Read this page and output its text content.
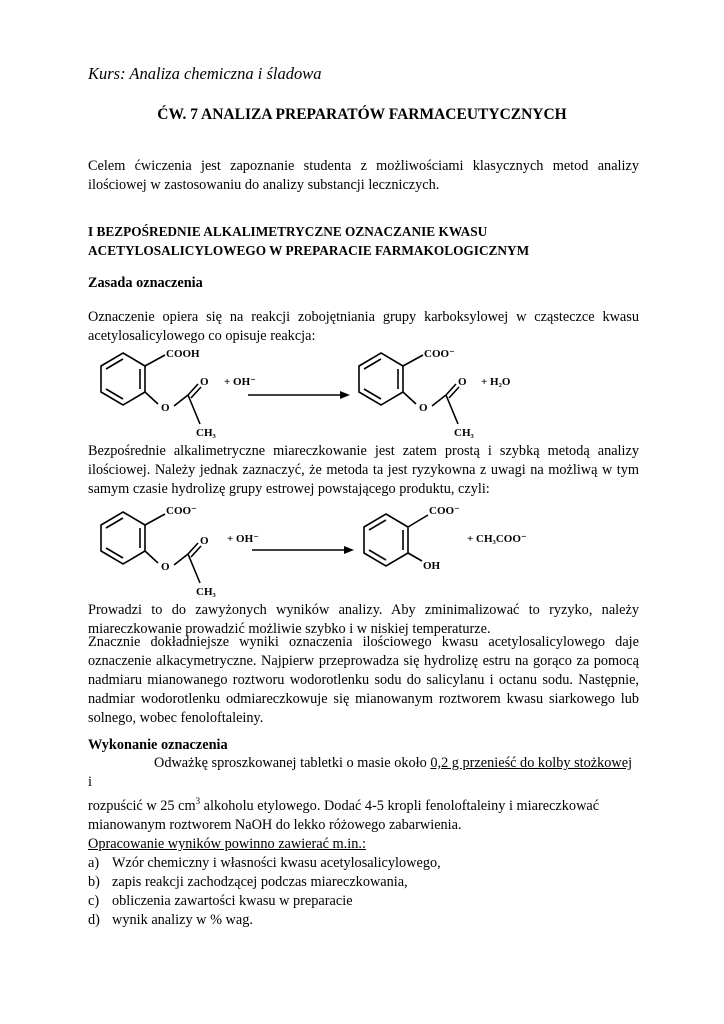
Kurs: Analiza chemiczna i śladowa
ĆW. 7 ANALIZA PREPARATÓW FARMACEUTYCZNYCH
Celem ćwiczenia jest zapoznanie studenta z możliwościami klasycznych metod analizy ilościowej w zastosowaniu do analizy substancji leczniczych.
I BEZPOŚREDNIE ALKALIMETRYCZNE OZNACZANIE KWASU
ACETYLOSALICYLOWEGO W PREPARACIE FARMAKOLOGICZNYM
Zasada oznaczenia
Oznaczenie opiera się na reakcji zobojętniania grupy karboksylowej w cząsteczce kwasu acetylosalicylowego co opisuje reakcja:
COOH
O
O
CH₃
+ OH⁻
COO⁻
O
O
CH₃
+ H₂O
Bezpośrednie alkalimetryczne miareczkowanie jest zatem prostą i szybką metodą analizy ilościowej. Należy jednak zaznaczyć, że metoda ta jest ryzykowna z uwagi na możliwą w tym samym czasie hydrolizę grupy estrowej powstającego produktu, czyli:
COO⁻
O
O
CH₃
+ OH⁻
COO⁻
OH
+ CH₃COO⁻
Prowadzi to do zawyżonych wyników analizy. Aby zminimalizować to ryzyko, należy miareczkowanie prowadzić możliwie szybko i w niskiej temperaturze.
Znacznie dokładniejsze wyniki oznaczenia ilościowego kwasu acetylosalicylowego daje oznaczenie alkacymetryczne. Najpierw przeprowadza się hydrolizę estru na gorąco za pomocą nadmiaru mianowanego roztworu wodorotlenku sodu do salicylanu i octanu sodu. Następnie, nadmiar wodorotlenku odmiareczkowuje się mianowanym roztworem kwasu siarkowego lub solnego, wobec fenoloftaleiny.
Wykonanie oznaczenia
Odważkę sproszkowanej tabletki o masie około 0,2 g przenieść do kolby stożkowej i
rozpuścić w 25 $cm^3$ alkoholu etylowego. Dodać 4-5 kropli fenoloftaleiny i miareczkować
mianowanym roztworem NaOH do lekko różowego zabarwienia.
Opracowanie wyników powinno zawierać m.in.:
a) Wzór chemiczny i własności kwasu acetylosalicylowego,
b) zapis reakcji zachodzącej podczas miareczkowania,
c) obliczenia zawartości kwasu w preparacie
d) wynik analizy w % wag.
